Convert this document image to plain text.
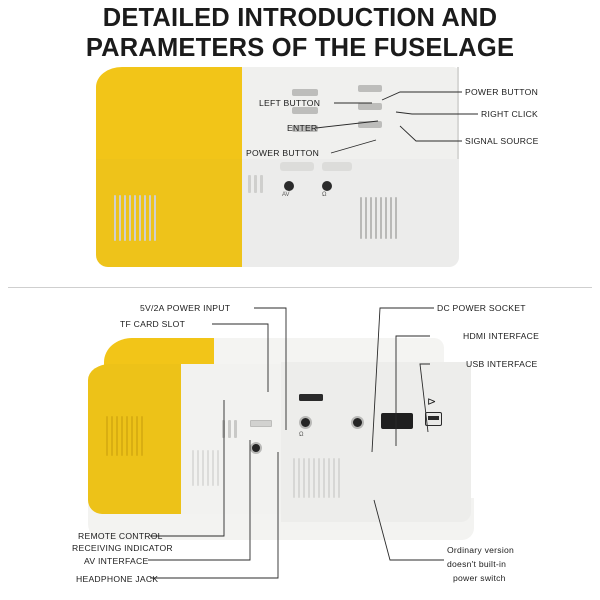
DETAILED INTRODUCTION AND
PARAMETERS OF THE FUSELAGE
AV	Ω
Ω
⊳
POWER BUTTON
RIGHT CLICK
SIGNAL SOURCE
LEFT BUTTON
ENTER
POWER BUTTON
5V/2A POWER INPUT
TF CARD SLOT
DC POWER SOCKET
HDMI INTERFACE
USB INTERFACE
REMOTE CONTROL
RECEIVING INDICATOR
AV INTERFACE
HEADPHONE JACK
Ordinary version
doesn't built-in
power switch
